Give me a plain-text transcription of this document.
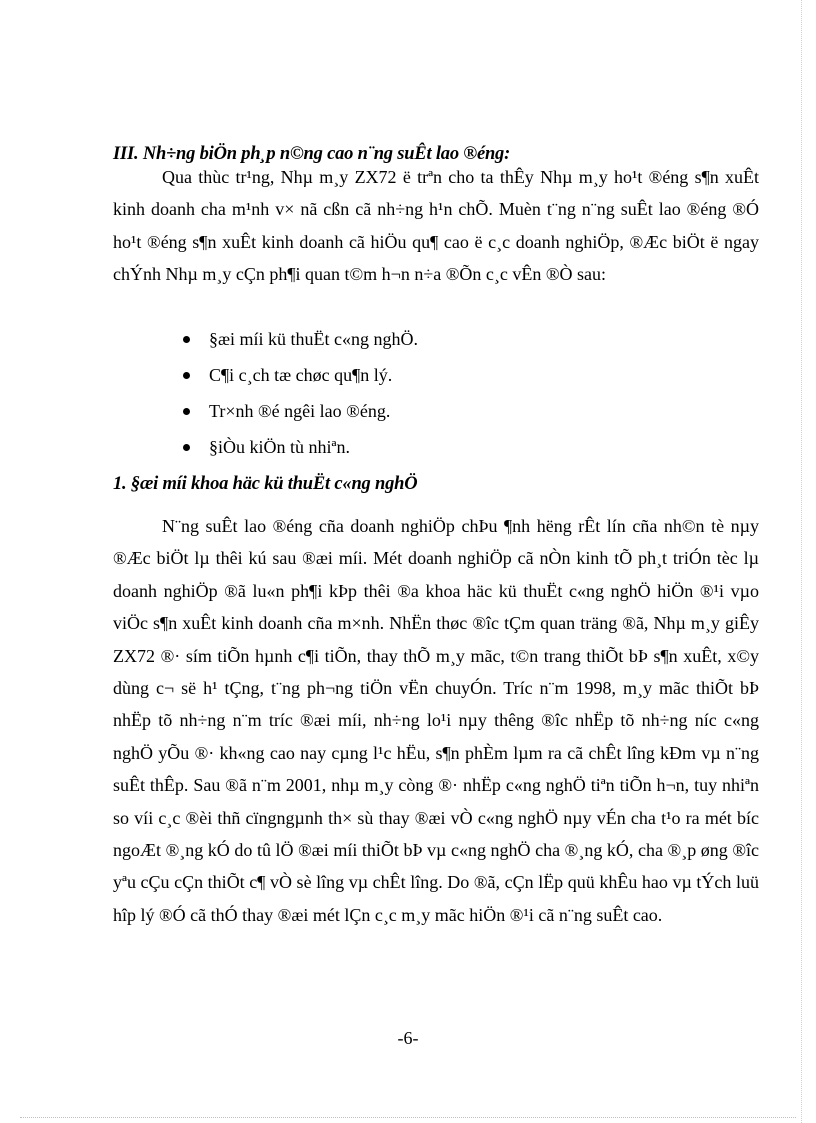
III. Nh÷ng biÖn ph¸p n©ng cao n¨ng suÊt lao ®éng:
Qua thùc tr¹ng, Nhµ m¸y ZX72 ë trªn cho ta thÊy Nhµ m¸y ho¹t ®éng s¶n xuÊt kinh doanh cha m¹nh v× nã cßn cã nh÷ng h¹n chÕ. Muèn t¨ng n¨ng suÊt lao ®éng ®Ó ho¹t ®éng s¶n xuÊt kinh doanh cã hiÖu qu¶ cao ë c¸c doanh nghiÖp, ®Æc biÖt ë ngay chÝnh Nhµ m¸y cÇn ph¶i quan t©m h¬n n÷a ®Õn c¸c vÊn ®Ò sau:
§æi míi kü thuËt c«ng nghÖ.
C¶i c¸ch tæ chøc qu¶n lý.
Tr×nh ®é ngêi lao ®éng.
§iÒu kiÖn tù nhiªn.
1. §æi míi khoa häc kü thuËt c«ng nghÖ
N¨ng suÊt lao ®éng cña doanh nghiÖp chÞu ¶nh hëng rÊt lín cña nh©n tè nµy ®Æc biÖt lµ thêi kú sau ®æi míi. Mét doanh nghiÖp cã nÒn kinh tÕ ph¸t triÓn tèc lµ doanh nghiÖp ®ã lu«n ph¶i kÞp thêi ®a khoa häc kü thuËt c«ng nghÖ hiÖn ®¹i vµo viÖc s¶n xuÊt kinh doanh cña m×nh. NhËn thøc ®îc tÇm quan träng ®ã, Nhµ m¸y giÊy ZX72 ®· sím tiÕn hµnh c¶i tiÕn, thay thÕ m¸y mãc, t©n trang thiÕt bÞ s¶n xuÊt, x©y dùng c¬ së h¹ tÇng, t¨ng ph¬ng tiÖn vËn chuyÓn. Tríc n¨m 1998, m¸y mãc thiÕt bÞ nhËp tõ nh÷ng n¨m tríc ®æi míi, nh÷ng lo¹i nµy thêng ®îc nhËp tõ nh÷ng níc c«ng nghÖ yÕu ®· kh«ng cao nay cµng l¹c hËu, s¶n phÈm lµm ra cã chÊt lîng kÐm vµ n¨ng suÊt thÊp. Sau ®ã n¨m 2001, nhµ m¸y còng ®· nhËp c«ng nghÖ tiªn tiÕn h¬n, tuy nhiªn so víi c¸c ®èi thñ cïngngµnh th× sù thay ®æi vÒ c«ng nghÖ nµy vÉn cha t¹o ra mét bíc ngoÆt ®¸ng kÓ do tû lÖ ®æi míi thiÕt bÞ vµ c«ng nghÖ cha ®¸ng kÓ, cha ®¸p øng ®îc yªu cÇu cÇn thiÕt c¶ vÒ sè lîng vµ chÊt lîng. Do ®ã, cÇn lËp quü khÊu hao vµ tÝch luü hîp lý ®Ó cã thÓ thay ®æi mét lÇn c¸c m¸y mãc hiÖn ®¹i cã n¨ng suÊt cao.
-6-
